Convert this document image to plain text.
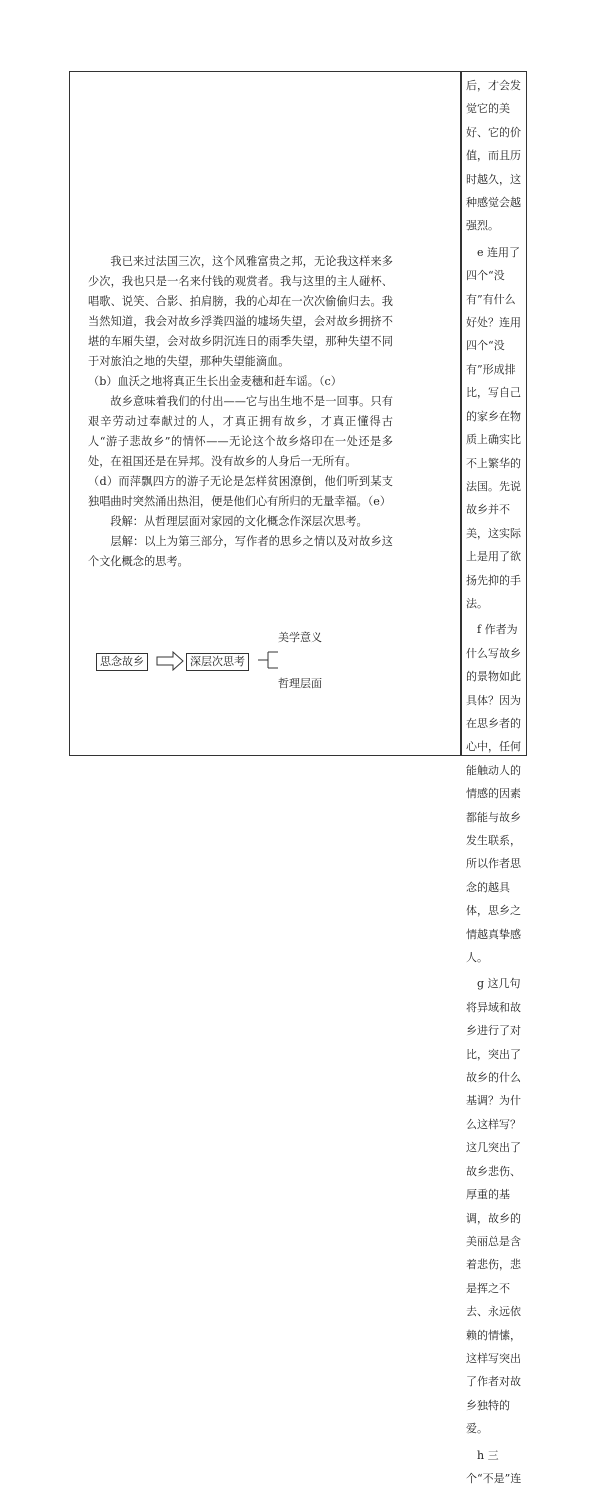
我已来过法国三次，这个风雅富贵之邦，无论我这样来多少次，我也只是一名来付钱的观赏者。我与这里的主人碰杯、唱歌、说笑、合影、拍肩膀，我的心却在一次次偷偷归去。我当然知道，我会对故乡浮粪四溢的墟场失望，会对故乡拥挤不堪的车厢失望，会对故乡阴沉连日的雨季失望，那种失望不同于对旅泊之地的失望，那种失望能滴血。

（b）血沃之地将真正生长出金麦穗和赶车谣。（c）

故乡意味着我们的付出——它与出生地不是一回事。只有艰辛劳动过奉献过的人，才真正拥有故乡，才真正懂得古人“游子悲故乡”的情怀——无论这个故乡烙印在一处还是多处，在祖国还是在异邦。没有故乡的人身后一无所有。

（d）而萍飘四方的游子无论是怎样贫困潦倒，他们听到某支独唱曲时突然涌出热泪，便是他们心有所归的无量幸福。（e）

段解：从哲理层面对家园的文化概念作深层次思考。

层解：以上为第三部分，写作者的思乡之情以及对故乡这个文化概念的思考。

思念故乡	深层次思考
美学意义
哲理层面

后，才会发觉它的美好、它的价值，而且历时越久，这种感觉会越强烈。

e 连用了四个“没有”有什么好处？连用四个“没有”形成排比，写自己的家乡在物质上确实比不上繁华的法国。先说故乡并不美，这实际上是用了欲扬先抑的手法。

f 作者为什么写故乡的景物如此具体？因为在思乡者的心中，任何能触动人的情感的因素都能与故乡发生联系，所以作者思念的越具体，思乡之情越真挚感人。

g 这几句将异域和故乡进行了对比，突出了故乡的什么基调？为什么这样写？这几突出了故乡悲伤、厚重的基调，故乡的美丽总是含着悲伤，悲是挥之不去、永远依赖的情愫，这样写突出了作者对故乡独特的爱。

h 三个“不是”连
